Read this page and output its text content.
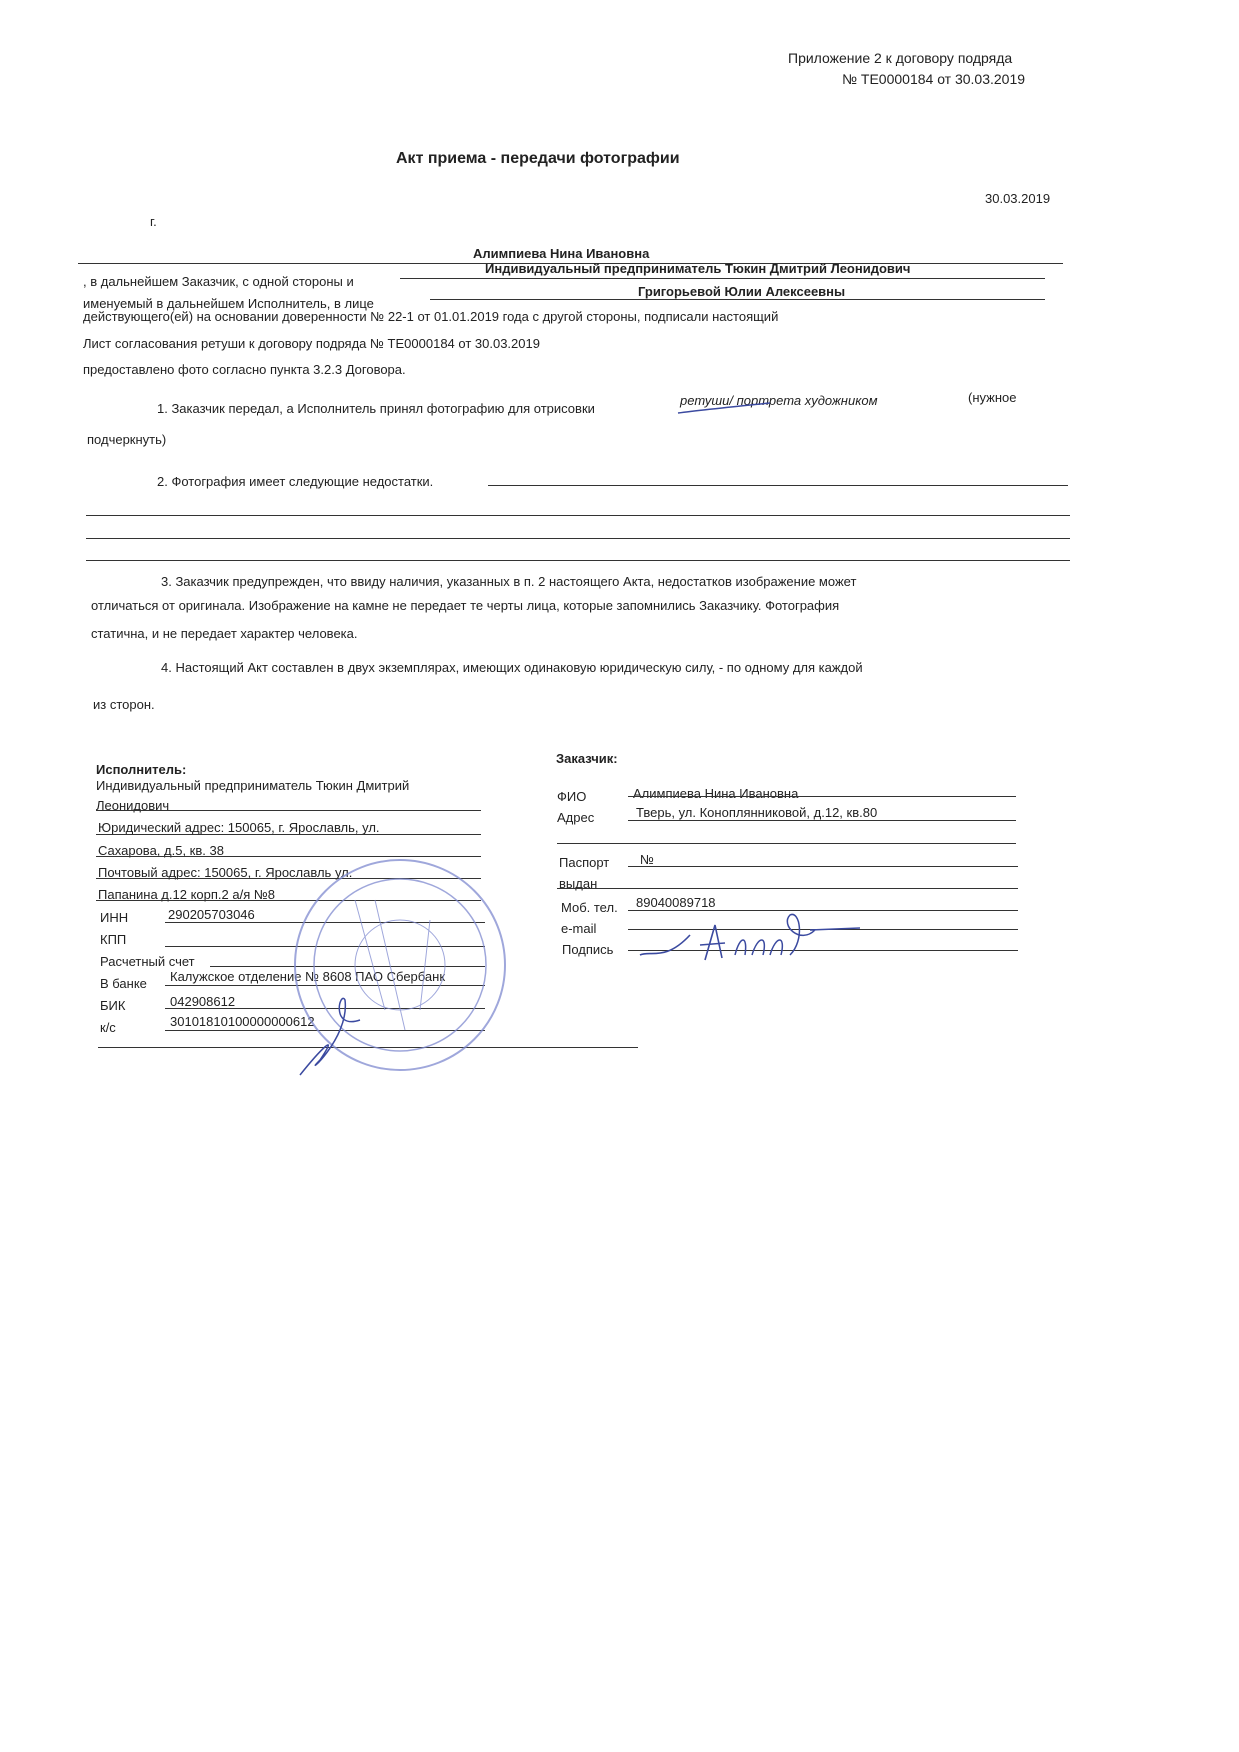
Приложение 2 к договору подряда
№ ТЕ0000184 от 30.03.2019
Акт приема - передачи фотографии
30.03.2019
г.
Алимпиева Нина Ивановна
, в дальнейшем Заказчик, с одной стороны и
Индивидуальный предприниматель Тюкин Дмитрий Леонидович
именуемый в дальнейшем Исполнитель, в лице
Григорьевой Юлии Алексеевны
действующего(ей) на основании доверенности № 22-1 от 01.01.2019 года с другой стороны, подписали настоящий
Лист согласования ретуши к договору подряда № ТЕ0000184 от 30.03.2019
предоставлено фото согласно пункта 3.2.3 Договора.
1. Заказчик передал, а Исполнитель принял фотографию для отрисовки
ретуши/ портрета художником	(нужное
подчеркнуть)
2. Фотография имеет следующие недостатки.
3. Заказчик предупрежден, что ввиду наличия, указанных в п. 2 настоящего Акта, недостатков изображение может
отличаться от оригинала. Изображение на камне не передает те черты лица, которые запомнились Заказчику. Фотография
статична, и не передает характер человека.
4. Настоящий Акт составлен в двух экземплярах, имеющих одинаковую юридическую силу, - по одному для каждой
из сторон.
Исполнитель:
Индивидуальный предприниматель Тюкин Дмитрий
Леонидович
Юридический адрес: 150065, г. Ярославль, ул.
Сахарова, д.5, кв. 38
Почтовый адрес: 150065, г. Ярославль ул.
Папанина д.12 корп.2 а/я №8
ИНН	290205703046
КПП
Расчетный счет
В банке Калужское отделение № 8608 ПАО Сбербанк
БИК	042908612
к/с	30101810100000000612
Заказчик:
ФИО	Алимпиева Нина Ивановна
Адрес	Тверь, ул. Коноплянниковой, д.12, кв.80
Паспорт №
выдан
Моб. тел. 89040089718
e-mail
Подпись
